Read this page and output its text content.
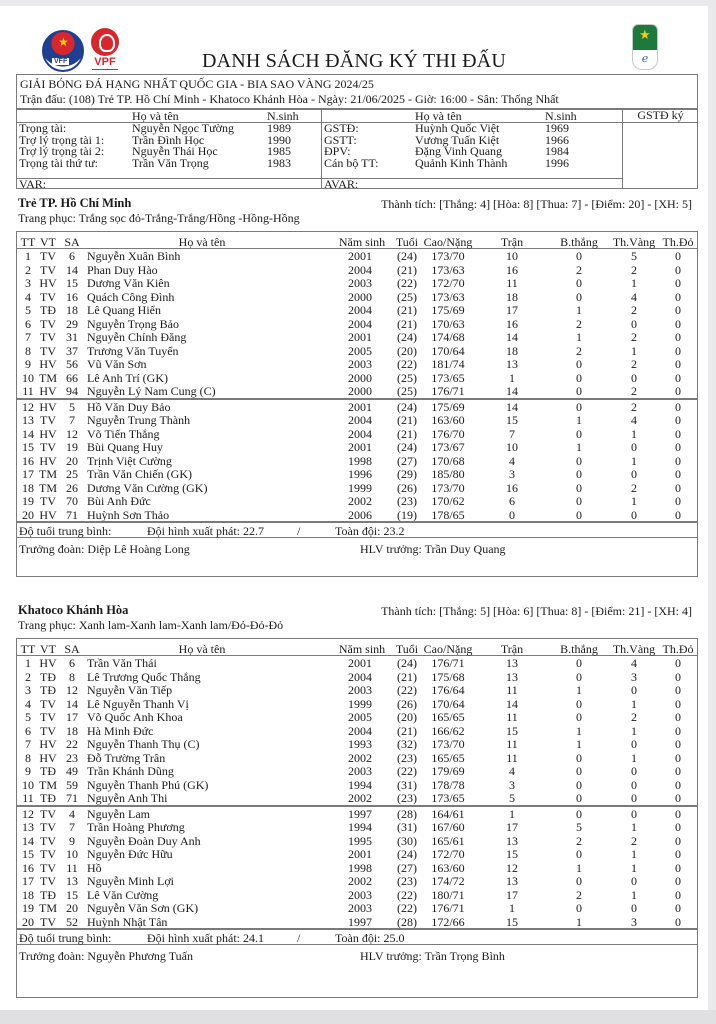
★
VFF	VPF	DANH SÁCH ĐĂNG KÝ THI ĐẤU
★
ℯ
GIẢI BÓNG ĐÁ HẠNG NHẤT QUỐC GIA - BIA SAO VÀNG 2024/25
Trận đấu: (108) Trẻ TP. Hồ Chí Minh - Khatoco Khánh Hòa - Ngày: 21/06/2025 - Giờ: 16:00 - Sân: Thống Nhất
Họ và tên	N.sinh
Trọng tài:	Nguyễn Ngọc Tường	1989
Trợ lý trọng tài 1: Trần Đình Học	1990
Trợ lý trọng tài 2: Nguyễn Thái Học	1985
Trọng tài thứ tư:	Trần Văn Trọng	1983
VAR:
Họ và tên	N.sinh
GSTĐ:	Huỳnh Quốc Việt	1969
GSTT:	Vương Tuấn Kiệt	1966
ĐPV:	Đặng Vinh Quang	1984
Cán bộ TT:	Quảnh Kinh Thành	1996
AVAR:
GSTĐ ký
Trẻ TP. Hồ Chí Minh	Thành tích: [Thắng: 4] [Hòa: 8] [Thua: 7] - [Điểm: 20] - [XH: 5]
Trang phục: Trắng sọc đỏ-Trắng-Trắng/Hồng -Hồng-Hồng
TT VT SA	Họ và tên	Năm sinh Tuổi Cao/Nặng	Trận	B.thắng	Th.Vàng Th.Đỏ
1 TV	6	Nguyễn Xuân Bình	2001	(24)	173/70	10	0	5	0
2 TV 14 Phan Duy Hào	2004	(21)	173/63	16	2	2	0
3 HV 15 Dương Văn Kiên	2003	(22)	172/70	11	0	1	0
4 TV 16 Quách Công Đình	2000	(25)	173/63	18	0	4	0
5 TĐ 18 Lê Quang Hiển	2004	(21)	175/69	17	1	2	0
6 TV 29 Nguyễn Trọng Bảo	2004	(21)	170/63	16	2	0	0
7 TV 31 Nguyễn Chính Đăng	2001	(24)	174/68	14	1	2	0
8 TV 37 Trương Văn Tuyển	2005	(20)	170/64	18	2	1	0
9 HV 56 Vũ Văn Sơn	2003	(22)	181/74	13	0	2	0
10 TM 66 Lê Anh Trí (GK)	2000	(25)	173/65	1	0	0	0
11 HV 94 Nguyễn Lý Nam Cung (C)	2000	(25)	176/71	14	0	2	0
12 HV	5	Hồ Văn Duy Bảo	2001	(24)	175/69	14	0	2	0
13 TV	7	Nguyễn Trung Thành	2004	(21)	163/60	15	1	4	0
14 HV 12 Võ Tiến Thắng	2004	(21)	176/70	7	0	1	0
15 TV 19 Bùi Quang Huy	2001	(24)	173/67	10	1	0	0
16 HV 20 Trịnh Việt Cường	1998	(27)	170/68	4	0	1	0
17 TM 25 Trần Văn Chiến (GK)	1996	(29)	185/80	3	0	0	0
18 TM 26 Dương Văn Cường (GK)	1999	(26)	173/70	16	0	2	0
19 TV 70 Bùi Anh Đức	2002	(23)	170/62	6	0	1	0
20 HV 71 Huỳnh Sơn Thảo	2006	(19)	178/65	0	0	0	0
Độ tuổi trung bình:	Đội hình xuất phát: 22.7	/	Toàn đội: 23.2
Trưởng đoàn: Diệp Lê Hoàng Long	HLV trưởng: Trần Duy Quang
Khatoco Khánh Hòa	Thành tích: [Thắng: 5] [Hòa: 6] [Thua: 8] - [Điểm: 21] - [XH: 4]
Trang phục: Xanh lam-Xanh lam-Xanh lam/Đỏ-Đỏ-Đỏ
TT VT SA	Họ và tên	Năm sinh Tuổi Cao/Nặng	Trận	B.thắng	Th.Vàng Th.Đỏ
1 HV	6	Trần Văn Thái	2001	(24)	176/71	13	0	4	0
2 TĐ	8	Lê Trương Quốc Thắng	2004	(21)	175/68	13	0	3	0
3 TĐ 12 Nguyễn Văn Tiếp	2003	(22)	176/64	11	1	0	0
4 TV 14 Lê Nguyễn Thanh Vị	1999	(26)	170/64	14	0	1	0
5 TV 17 Võ Quốc Anh Khoa	2005	(20)	165/65	11	0	2	0
6 TV 18 Hà Minh Đức	2004	(21)	166/62	15	1	1	0
7 HV 22 Nguyễn Thanh Thụ (C)	1993	(32)	173/70	11	1	0	0
8 HV 23 Đỗ Trường Trân	2002	(23)	165/65	11	0	1	0
9 TĐ 49 Trần Khánh Dũng	2003	(22)	179/69	4	0	0	0
10 TM 59 Nguyễn Thanh Phú (GK)	1994	(31)	178/78	3	0	0	0
11 TĐ 71 Nguyễn Anh Thi	2002	(23)	173/65	5	0	0	0
12 TV	4	Nguyễn Lam	1997	(28)	164/61	1	0	0	0
13 TV	7	Trần Hoàng Phương	1994	(31)	167/60	17	5	1	0
14 TV	9	Nguyễn Đoàn Duy Anh	1995	(30)	165/61	13	2	2	0
15 TV 10 Nguyễn Đức Hữu	2001	(24)	172/70	15	0	1	0
16 TV 11 Hồ	1998	(27)	163/60	12	1	1	0
17 TV 13 Nguyễn Minh Lợi	2002	(23)	174/72	13	0	0	0
18 TĐ 15 Lê Văn Cường	2003	(22)	180/71	17	2	1	0
19 TM 20 Nguyễn Văn Sơn (GK)	2003	(22)	176/71	1	0	0	0
20 TV 52 Huỳnh Nhật Tân	1997	(28)	172/66	15	1	3	0
Độ tuổi trung bình:	Đội hình xuất phát: 24.1	/	Toàn đội: 25.0
Trưởng đoàn: Nguyễn Phương Tuấn	HLV trưởng: Trần Trọng Bình
